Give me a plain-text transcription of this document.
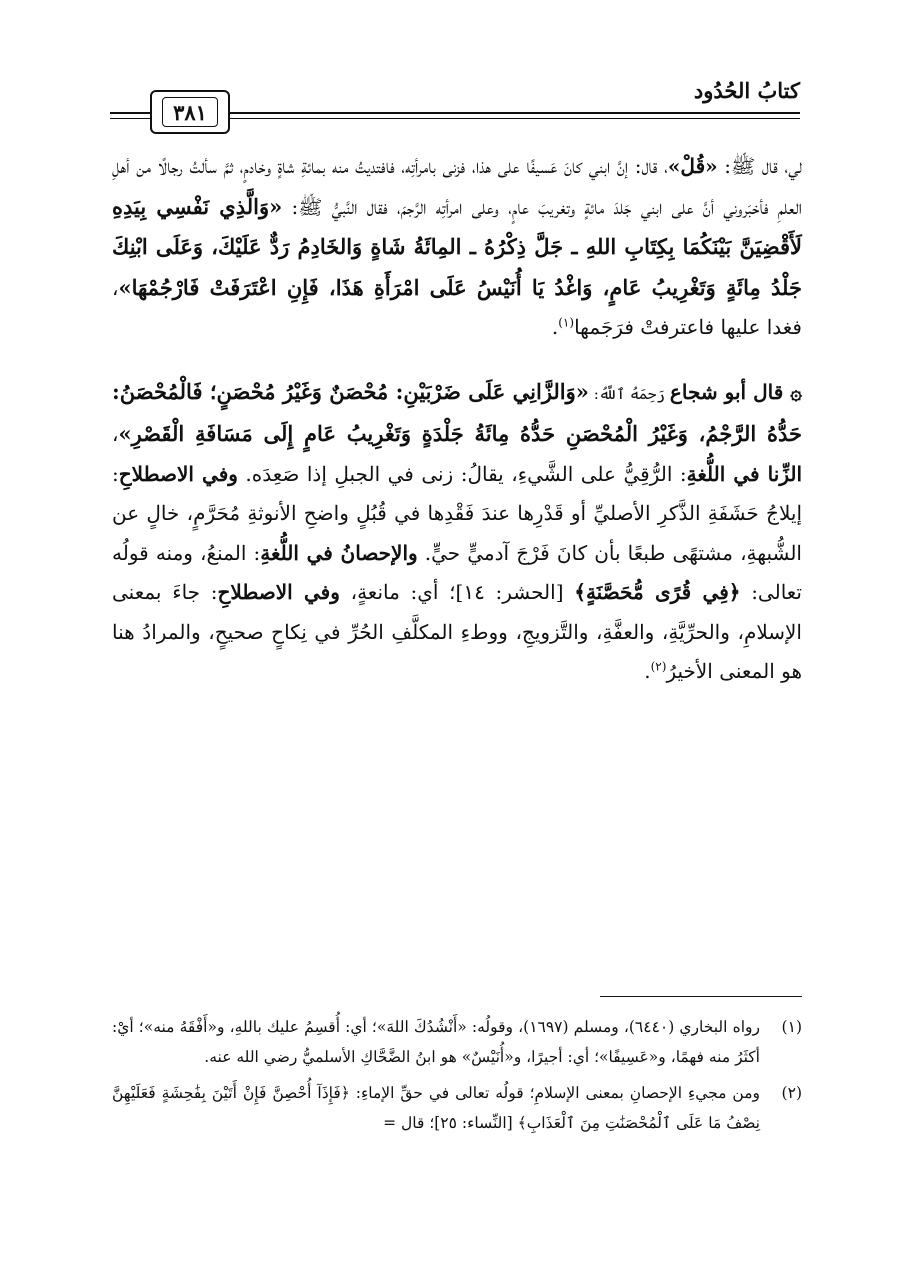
كتابُ الحُدُود
٣٨١

لي، قال ﷺ: «قُلْ»، قال: إنَّ ابني كانَ عَسيفًا على هذا، فزنى بامرأتِه، فافتديتُ منه بمائةِ شاةٍ وخادمٍ، ثمَّ سألتُ رجالًا من أهلِ العلمِ فأخبَروني أنَّ على ابني جَلدَ مائةٍ وتغريبَ عامٍ، وعلى امرأتِه الرَّجمَ، فقال النَّبيُّ ﷺ: «وَالَّذِي نَفْسِي بِيَدِهِ لَأَقْضِيَنَّ بَيْنَكُمَا بِكِتَابِ اللهِ ـ جَلَّ ذِكْرُهُ ـ المِائَةُ شَاةٍ وَالخَادِمُ رَدٌّ عَلَيْكَ، وَعَلَى ابْنِكَ جَلْدُ مِائَةٍ وَتَغْرِيبُ عَامٍ، وَاغْدُ يَا أُنَيْسُ عَلَى امْرَأَةِ هَذَا، فَإِنِ اعْتَرَفَتْ فَارْجُمْهَا»، فغدا عليها فاعترفتْ فرَجَمها$^{(١)}$.

۞ قال أبو شجاع رَحِمَهُ ٱللَّهُ: «وَالزَّانِي عَلَى ضَرْبَيْنِ: مُحْصَنٌ وَغَيْرُ مُحْصَنٍ؛ فَالْمُحْصَنُ: حَدُّهُ الرَّجْمُ، وَغَيْرُ الْمُحْصَنِ حَدُّهُ مِائَةُ جَلْدَةٍ وَتَغْرِيبُ عَامٍ إِلَى مَسَافَةِ الْقَصْرِ»، الزِّنا في اللُّغةِ: الرُّقِيُّ على الشَّيءِ، يقالُ: زنى في الجبلِ إذا صَعِدَه. وفي الاصطلاحِ: إيلاجُ حَشَفَةِ الذَّكرِ الأصليِّ أو قَدْرِها عندَ فَقْدِها في قُبُلٍ واضحِ الأنوثةِ مُحَرَّمٍ، خالٍ عن الشُّبهةِ، مشتهًى طبعًا بأن كانَ فَرْجَ آدميٍّ حيٍّ. والإحصانُ في اللُّغةِ: المنعُ، ومنه قولُه تعالى: ﴿فِي قُرًى مُّحَصَّنَةٍ﴾ [الحشر: ١٤]؛ أي: مانعةٍ، وفي الاصطلاحِ: جاءَ بمعنى الإسلامِ، والحرِّيَّةِ، والعفَّةِ، والتَّزويجِ، ووطءِ المكلَّفِ الحُرِّ في نِكاحٍ صحيحٍ، والمرادُ هنا هو المعنى الأخيرُ$^{(٢)}$.

(١)
رواه البخاري (٦٤٤٠)، ومسلم (١٦٩٧)، وقولُه: «أَنْشُدُكَ اللهَ»؛ أي: أُقسِمُ عليك باللهِ، و«أَفْقَهُ منه»؛ أيْ: أكثَرُ منه فهمًا، و«عَسِيفًا»؛ أي: أجيرًا، و«أُنَيْسٌ» هو ابنُ الضَّحَّاكِ الأسلميُّ رضي الله عنه.

(٢)
ومن مجيءِ الإحصانِ بمعنى الإسلامِ؛ قولُه تعالى في حقِّ الإماءِ: ﴿فَإِذَآ أُحْصِنَّ فَإِنْ أَتَيْنَ بِفَٰحِشَةٍ فَعَلَيْهِنَّ نِصْفُ مَا عَلَى ٱلْمُحْصَنَٰتِ مِنَ ٱلْعَذَابِ﴾ [النِّساء: ٢٥]؛ قال =
